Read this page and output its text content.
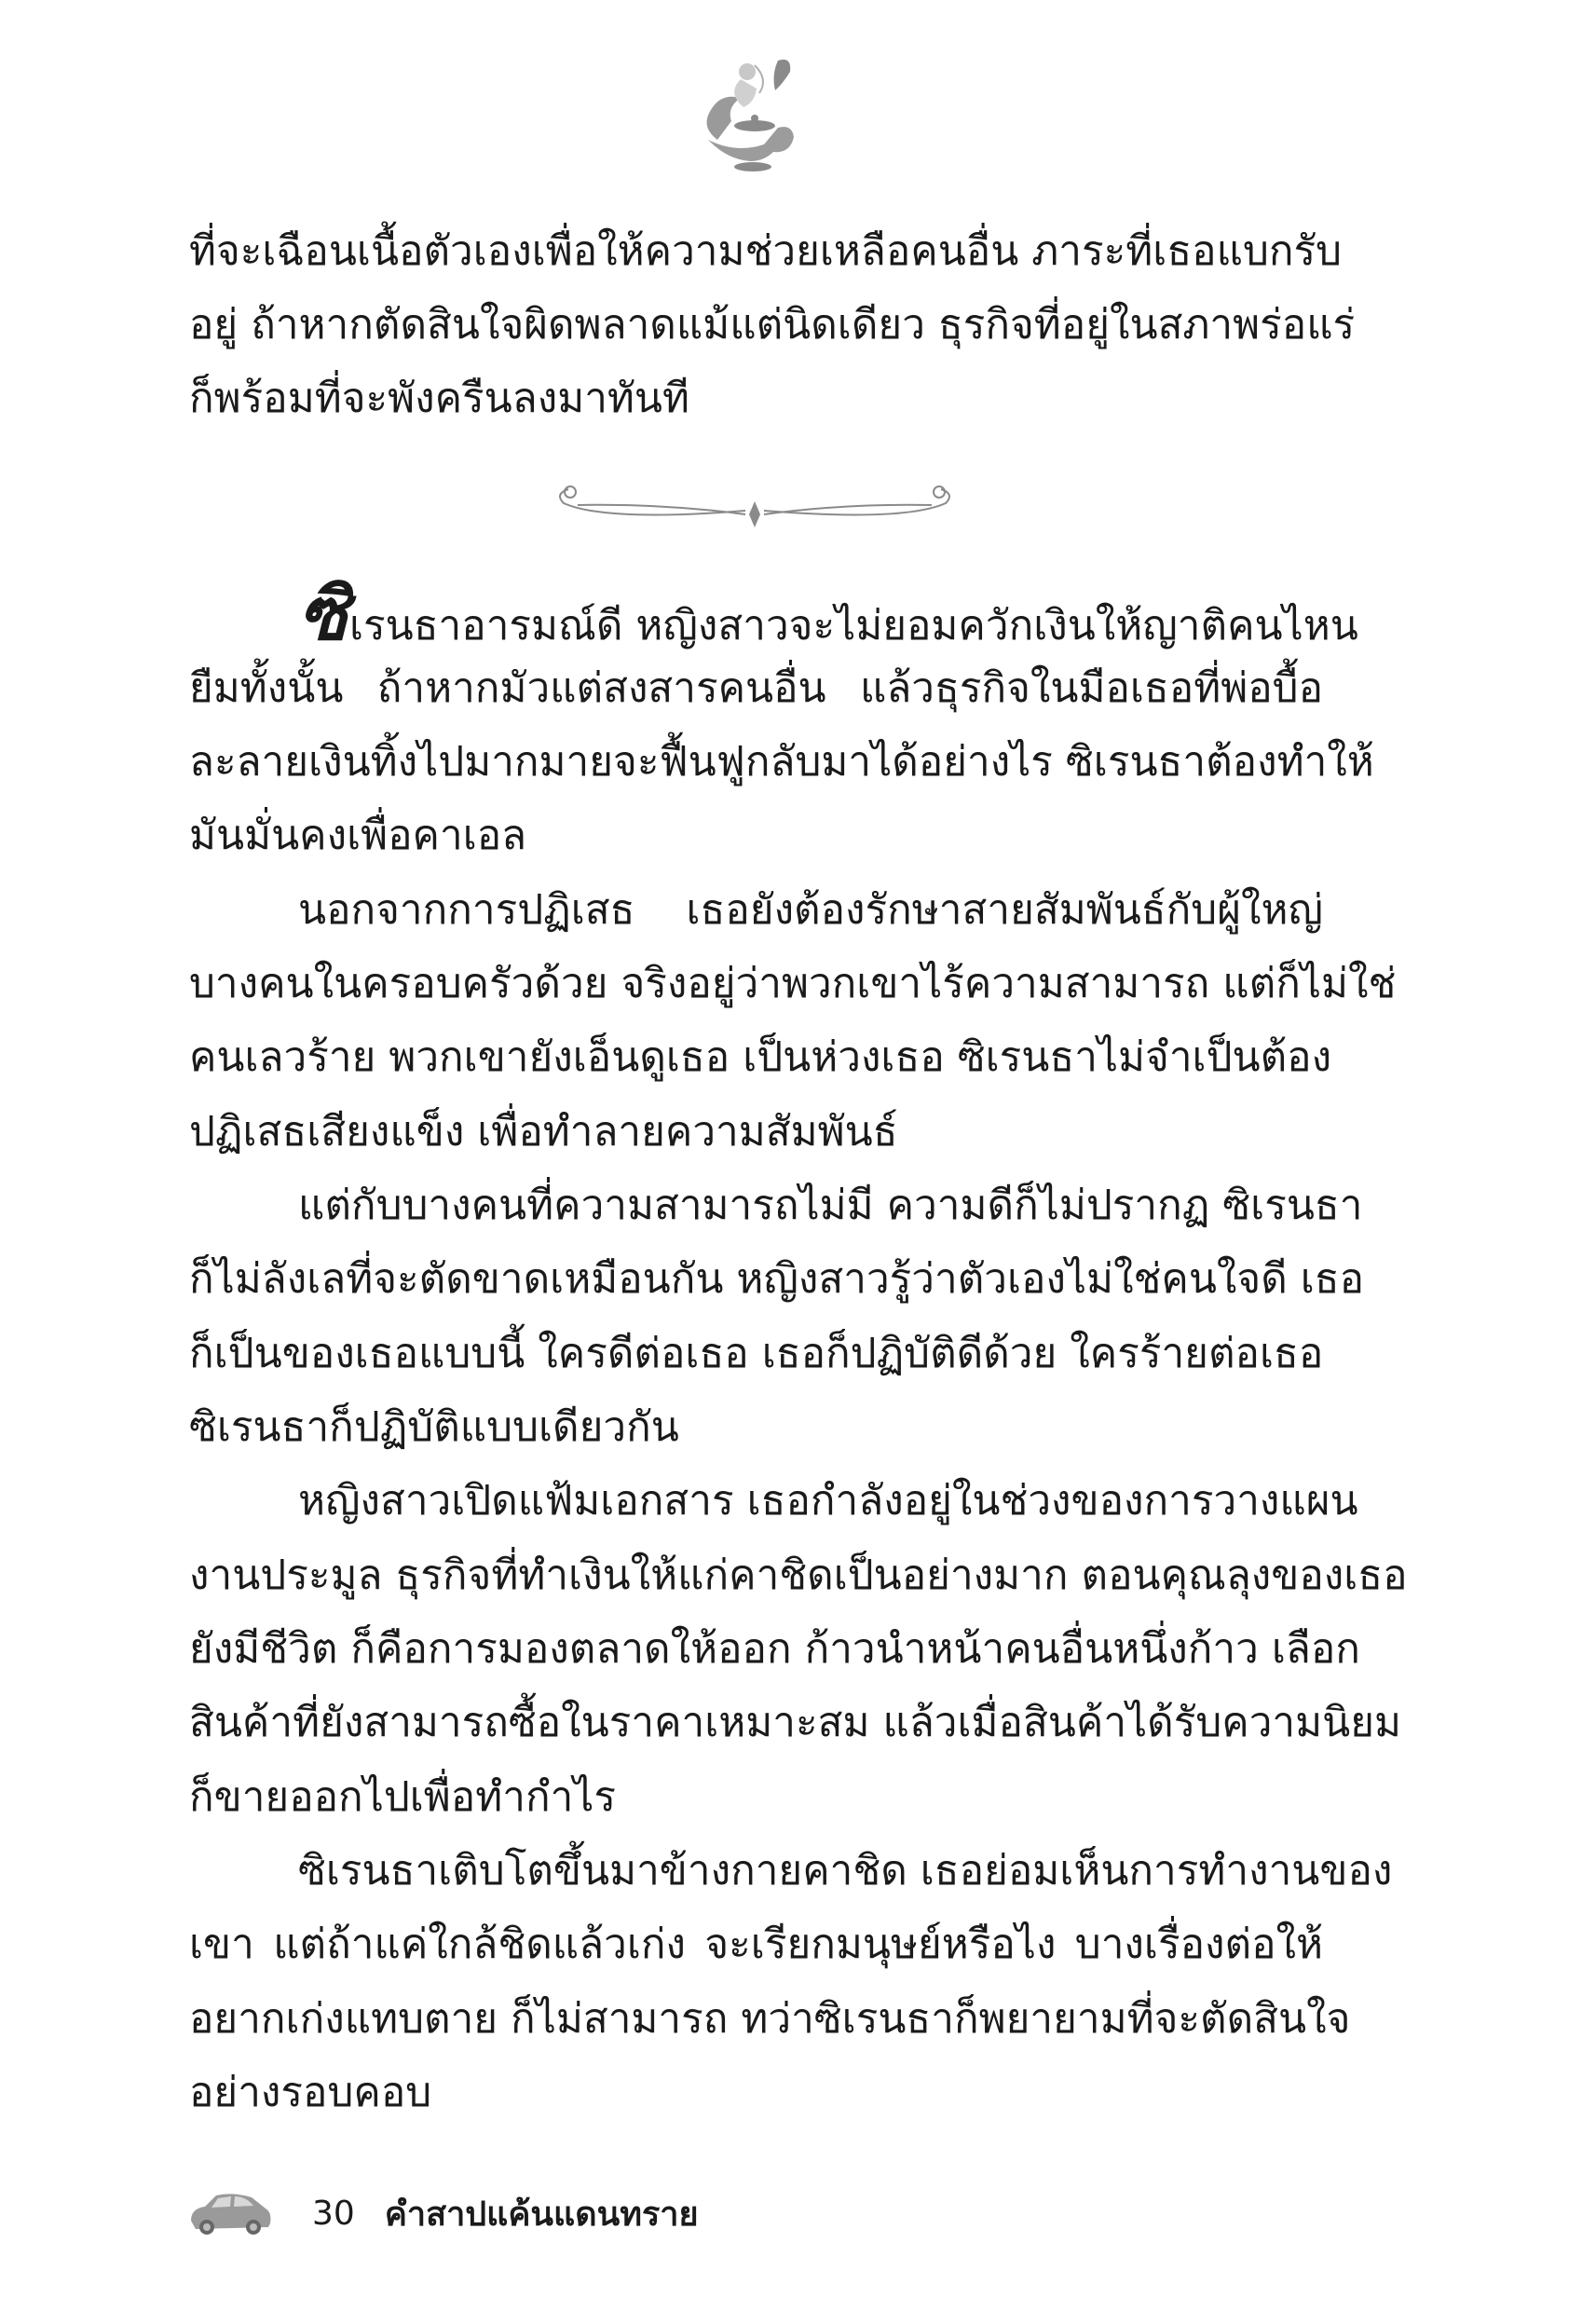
ที่จะเฉือนเนื้อตัวเองเพื่อให้ความช่วยเหลือคนอื่น ภาระที่เธอแบกรับ
อยู่ ถ้าหากตัดสินใจผิดพลาดแม้แต่นิดเดียว ธุรกิจที่อยู่ในสภาพร่อแร่
ก็พร้อมที่จะพังครืนลงมาทันที
ซิเรนธาอารมณ์ดี หญิงสาวจะไม่ยอมควักเงินให้ญาติคนไหน
ยืมทั้งนั้น ถ้าหากมัวแต่สงสารคนอื่น แล้วธุรกิจในมือเธอที่พ่อบื้อ
ละลายเงินทิ้งไปมากมายจะฟื้นฟูกลับมาได้อย่างไร ซิเรนธาต้องทำให้
มันมั่นคงเพื่อคาเอล
นอกจากการปฏิเสธ เธอยังต้องรักษาสายสัมพันธ์กับผู้ใหญ่
บางคนในครอบครัวด้วย จริงอยู่ว่าพวกเขาไร้ความสามารถ แต่ก็ไม่ใช่
คนเลวร้าย พวกเขายังเอ็นดูเธอ เป็นห่วงเธอ ซิเรนธาไม่จำเป็นต้อง
ปฏิเสธเสียงแข็ง เพื่อทำลายความสัมพันธ์
แต่กับบางคนที่ความสามารถไม่มี ความดีก็ไม่ปรากฏ ซิเรนธา
ก็ไม่ลังเลที่จะตัดขาดเหมือนกัน หญิงสาวรู้ว่าตัวเองไม่ใช่คนใจดี เธอ
ก็เป็นของเธอแบบนี้ ใครดีต่อเธอ เธอก็ปฏิบัติดีด้วย ใครร้ายต่อเธอ
ซิเรนธาก็ปฏิบัติแบบเดียวกัน
หญิงสาวเปิดแฟ้มเอกสาร เธอกำลังอยู่ในช่วงของการวางแผน
งานประมูล ธุรกิจที่ทำเงินให้แก่คาชิดเป็นอย่างมาก ตอนคุณลุงของเธอ
ยังมีชีวิต ก็คือการมองตลาดให้ออก ก้าวนำหน้าคนอื่นหนึ่งก้าว เลือก
สินค้าที่ยังสามารถซื้อในราคาเหมาะสม แล้วเมื่อสินค้าได้รับความนิยม
ก็ขายออกไปเพื่อทำกำไร
ซิเรนธาเติบโตขึ้นมาข้างกายคาชิด เธอย่อมเห็นการทำงานของ
เขา แต่ถ้าแค่ใกล้ชิดแล้วเก่ง จะเรียกมนุษย์หรือไง บางเรื่องต่อให้
อยากเก่งแทบตาย ก็ไม่สามารถ ทว่าซิเรนธาก็พยายามที่จะตัดสินใจ
อย่างรอบคอบ
30 คำสาปแค้นแดนทราย
